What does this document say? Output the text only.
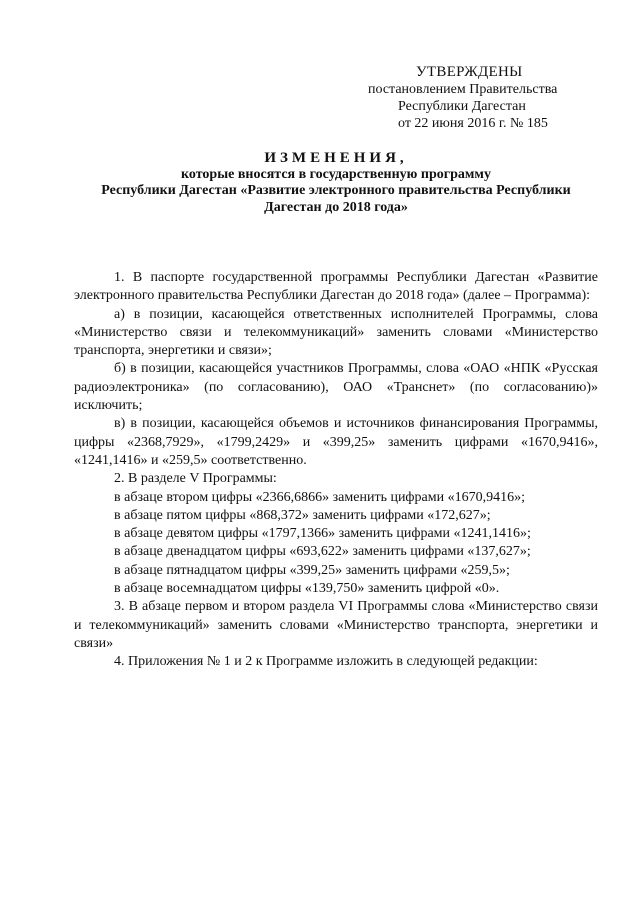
УТВЕРЖДЕНЫ
постановлением Правительства
Республики Дагестан
от 22 июня 2016 г. № 185
ИЗМЕНЕНИЯ,
которые вносятся в государственную программу
Республики Дагестан «Развитие электронного правительства Республики
Дагестан до 2018 года»

1. В паспорте государственной программы Республики Дагестан «Развитие электронного правительства Республики Дагестан до 2018 года» (далее – Программа):

а) в позиции, касающейся ответственных исполнителей Программы, слова «Министерство связи и телекоммуникаций» заменить словами «Министерство транспорта, энергетики и связи»;

б) в позиции, касающейся участников Программы, слова «ОАО «НПК «Русская радиоэлектроника» (по согласованию), ОАО «Транснет» (по согласованию)» исключить;

в) в позиции, касающейся объемов и источников финансирования Программы, цифры «2368,7929», «1799,2429» и «399,25» заменить цифрами «1670,9416», «1241,1416» и «259,5» соответственно.

2. В разделе V Программы:
в абзаце втором цифры «2366,6866» заменить цифрами «1670,9416»;
в абзаце пятом цифры «868,372» заменить цифрами «172,627»;
в абзаце девятом цифры «1797,1366» заменить цифрами «1241,1416»;
в абзаце двенадцатом цифры «693,622» заменить цифрами «137,627»;
в абзаце пятнадцатом цифры «399,25» заменить цифрами «259,5»;
в абзаце восемнадцатом цифры «139,750» заменить цифрой «0».

3. В абзаце первом и втором раздела VI Программы слова «Министерство связи и телекоммуникаций» заменить словами «Министерство транспорта, энергетики и связи»

4. Приложения № 1 и 2 к Программе изложить в следующей редакции:
